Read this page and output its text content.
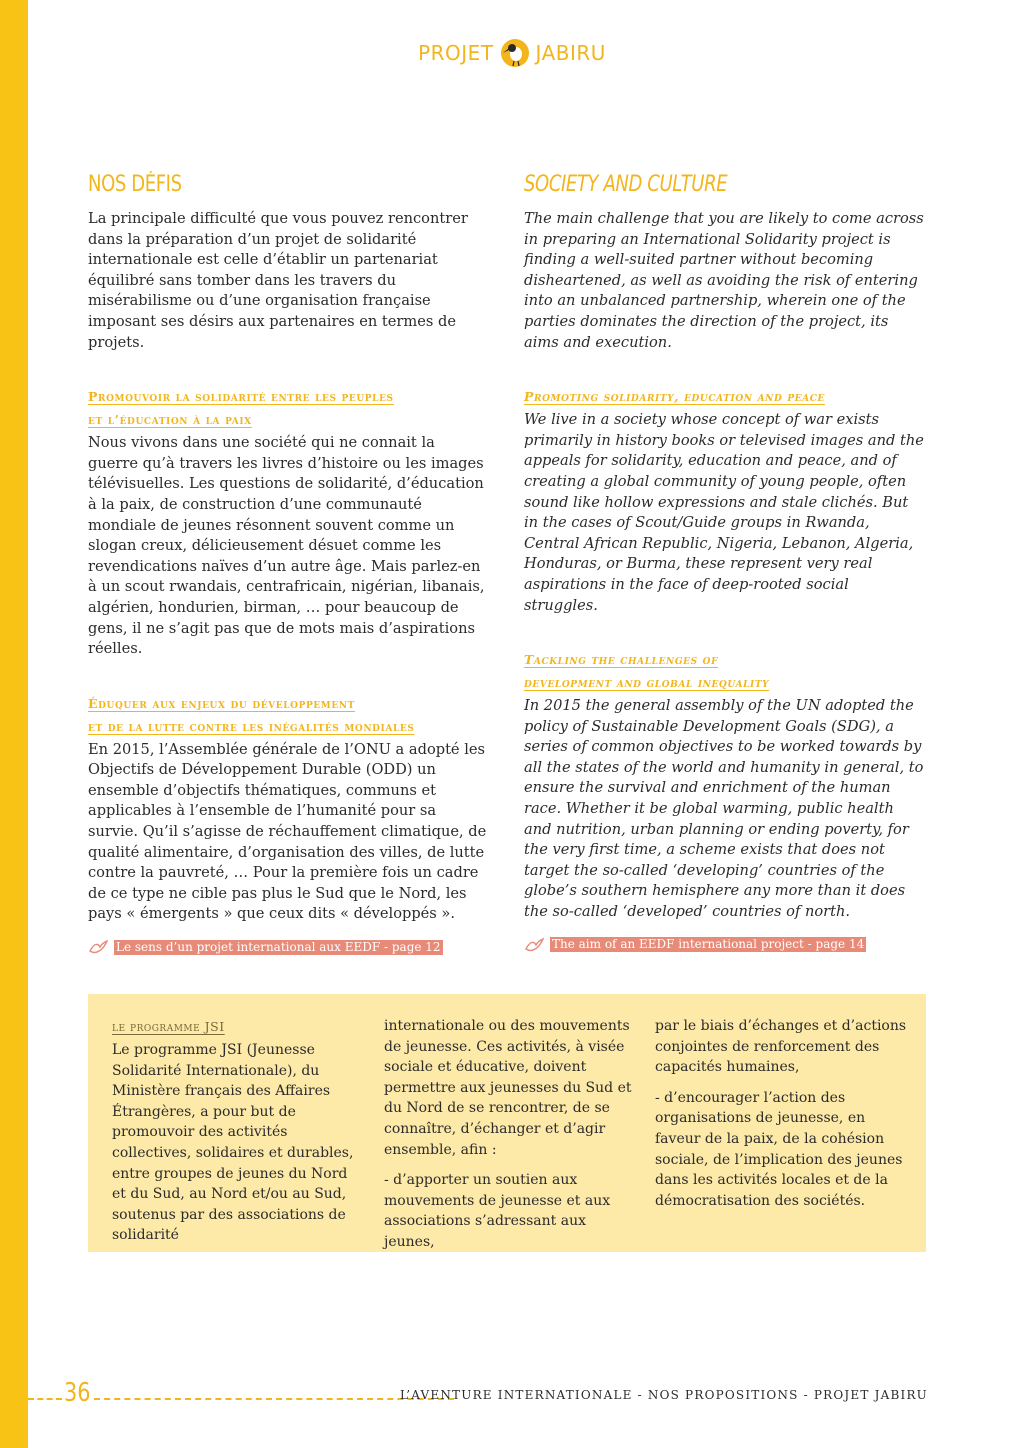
PROJET JABIRU
NOS DÉFIS

La principale difficulté que vous pouvez rencontrer dans la préparation d’un projet de solidarité internationale est celle d’établir un partenariat équilibré sans tomber dans les travers du misérabilisme ou d’une organisation française imposant ses désirs aux partenaires en termes de projets.

Promouvoir la solidarité entre les peuples
et l’éducation à la paix

Nous vivons dans une société qui ne connait la guerre qu’à travers les livres d’histoire ou les images télévisuelles. Les questions de solidarité, d’éducation à la paix, de construction d’une communauté mondiale de jeunes résonnent souvent comme un slogan creux, délicieusement désuet comme les revendications naïves d’un autre âge. Mais parlez-en à un scout rwandais, centrafricain, nigérian, libanais, algérien, hondurien, birman, … pour beaucoup de gens, il ne s’agit pas que de mots mais d’aspirations réelles.

Éduquer aux enjeux du développement
et de la lutte contre les inégalités mondiales

En 2015, l’Assemblée générale de l’ONU a adopté les Objectifs de Développement Durable (ODD) un ensemble d’objectifs thématiques, communs et applicables à l’ensemble de l’humanité pour sa survie. Qu’il s’agisse de réchauffement climatique, de qualité alimentaire, d’organisation des villes, de lutte contre la pauvreté, … Pour la première fois un cadre de ce type ne cible pas plus le Sud que le Nord, les pays « émergents » que ceux dits « développés ».

Le sens d’un projet international aux EEDF - page 12
SOCIETY AND CULTURE

The main challenge that you are likely to come across in preparing an International Solidarity project is finding a well-suited partner without becoming disheartened, as well as avoiding the risk of entering into an unbalanced partnership, wherein one of the parties dominates the direction of the project, its aims and execution.

Promoting solidarity, education and peace

We live in a society whose concept of war exists primarily in history books or televised images and the appeals for solidarity, education and peace, and of creating a global community of young people, often sound like hollow expressions and stale clichés. But in the cases of Scout/Guide groups in Rwanda, Central African Republic, Nigeria, Lebanon, Algeria, Honduras, or Burma, these represent very real aspirations in the face of deep-rooted social struggles.

Tackling the challenges of
development and global inequality

In 2015 the general assembly of the UN adopted the policy of Sustainable Development Goals (SDG), a series of common objectives to be worked towards by all the states of the world and humanity in general, to ensure the survival and enrichment of the human race. Whether it be global warming, public health and nutrition, urban planning or ending poverty, for the very first time, a scheme exists that does not target the so-called ‘developing’ countries of the globe’s southern hemisphere any more than it does the so-called ‘developed’ countries of north.

The aim of an EEDF international project - page 14
le programme JSI

Le programme JSI (Jeunesse Solidarité Internationale), du Ministère français des Affaires Étrangères, a pour but de promouvoir des activités collectives, solidaires et durables, entre groupes de jeunes du Nord et du Sud, au Nord et/ou au Sud, soutenus par des associations de solidarité

internationale ou des mouvements de jeunesse. Ces activités, à visée sociale et éducative, doivent permettre aux jeunesses du Sud et du Nord de se rencontrer, de se connaître, d’échanger et d’agir ensemble, afin :

- d’apporter un soutien aux mouvements de jeunesse et aux associations s’adressant aux jeunes,

par le biais d’échanges et d’actions conjointes de renforcement des capacités humaines,

- d’encourager l’action des organisations de jeunesse, en faveur de la paix, de la cohésion sociale, de l’implication des jeunes dans les activités locales et de la démocratisation des sociétés.

36	L’AVENTURE INTERNATIONALE - NOS PROPOSITIONS - PROJET JABIRU
